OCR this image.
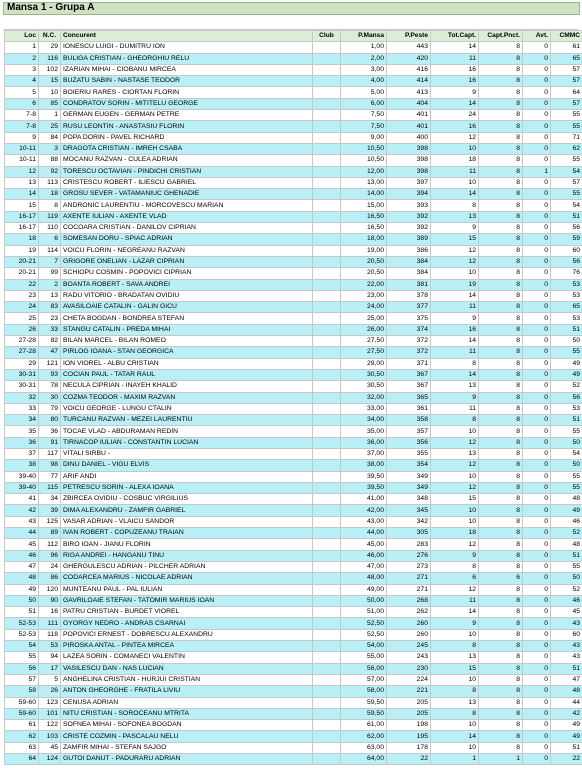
Mansa 1 - Grupa A
Loc	N.C.	Concurent	Club	P.Mansa	P.Peste	Tot.Capt.	Capt.Pnct.	Avt.	CMMC
1	29	IONESCU LUIGI - DUMITRU ION		1,00	443	14	8	0	61
2	116	BULIGA CRISTIAN - GHEORGHIU RELU		2,00	420	11	8	0	65
3	102	IZARIAN MIHAI - CIOBANU MIRCEA		3,00	416	16	8	0	57
4	15	BUZATU SABIN - NASTASE TEODOR		4,00	414	16	8	0	57
5	10	BOIERIU RARES - CIORTAN FLORIN		5,00	413	9	8	0	64
6	85	CONDRATOV SORIN - MITITELU GEORGE		6,00	404	14	8	0	57
7-8	1	GERMAN EUGEN - GERMAN PETRE		7,50	401	24	8	0	55
7-8	25	RUSU LEONTIN - ANASTASIU FLORIN		7,50	401	16	8	0	55
9	84	POPA DORIN - PAVEL RICHARD		9,00	400	12	8	0	71
10-11	3	DRAGOTA CRISTIAN - IMREH CSABA		10,50	398	10	8	0	62
10-11	88	MOCANU RAZVAN - CULEA ADRIAN		10,50	398	18	8	0	55
12	92	TORESCU OCTAVIAN - PINDICHI CRISTIAN		12,00	398	11	8	1	54
13	113	CRISTESCU ROBERT - ILIESCU GABRIEL		13,00	397	10	8	0	57
14	18	GROSU SEVER - VATAMANIUC GHENADIE		14,00	394	14	8	0	55
15	8	ANDRONIC LAURENTIU - MORCOVESCU MARIAN		15,00	393	8	8	0	54
16-17	119	AXENTE IULIAN - AXENTE VLAD		16,50	392	13	8	0	51
16-17	110	COCOARA CRISTIAN - DANILOV CIPRIAN		16,50	392	9	8	0	56
18	6	SOMESAN DORU - SPIAC ADRIAN		18,00	389	15	8	0	59
19	114	VOICU FLORIN - NEGREANU RAZVAN		19,00	386	12	8	0	60
20-21	7	GRIGORE ONELIAN - LAZAR CIPRIAN		20,50	384	12	8	0	56
20-21	99	SCHIOPU COSMIN - POPOVICI CIPRIAN		20,50	384	10	8	0	76
22	2	BOANTA ROBERT - SAVA ANDREI		22,00	381	19	8	0	53
23	13	RADU VITORIO - BRADATAN OVIDIU		23,00	378	14	8	0	53
24	83	AVASILOAIE CATALIN - GALIN GICU		24,00	377	11	8	0	65
25	23	CHETA BOGDAN - BONDREA STEFAN		25,00	375	9	8	0	53
26	33	STANGU CATALIN - PREDA MIHAI		26,00	374	16	8	0	51
27-28	82	BILAN MARCEL - BILAN ROMEO		27,50	372	14	8	0	50
27-28	47	PIRLOG IOANA - STAN GEORGICA		27,50	372	11	8	0	55
29	121	ION VIOREL - ALBU CRISTIAN		29,00	371	8	8	0	49
30-31	93	COCIAN PAUL - TATAR RAUL		30,50	367	14	8	0	49
30-31	78	NECULA CIPRIAN - INAYEH KHALID		30,50	367	13	8	0	52
32	30	COZMA TEODOR - MAXIM RAZVAN		32,00	365	9	8	0	56
33	79	VOICU GEORGE - LUNGU CTALIN		33,00	361	11	8	0	53
34	80	TURCANU RAZVAN - MEZEI LAURENTIU		34,00	358	8	8	0	51
35	36	TOCAE VLAD - ABDURAMAN REDIN		35,00	357	10	8	0	55
36	91	TIRNACOP IULIAN - CONSTANTIN LUCIAN		36,00	356	12	8	0	50
37	117	VITALI SIRBU -		37,00	355	13	8	0	54
38	98	DINU DANIEL - VIGU ELVIS		38,00	354	12	8	0	50
39-40	77	ARIF ANDI		39,50	349	10	8	0	55
39-40	115	PETRESCU SORIN - ALEXA IOANA		39,50	349	12	8	0	55
41	34	ZBIRCEA OVIDIU - COSBUC VIRGILIUS		41,00	348	15	8	0	48
42	39	DIMA ALEXANDRU - ZAMFIR GABRIEL		42,00	345	10	8	0	49
43	125	VASAR ADRIAN - VLAICU SANDOR		43,00	342	10	8	0	46
44	89	IVAN ROBERT - COPUZEANU TRAIAN		44,00	305	18	8	0	52
45	112	BIRO IOAN - JIANU FLORIN		45,00	283	12	8	0	48
46	96	RIGA ANDREI - HANGANU TINU		46,00	276	9	8	0	51
47	24	GHERGULESCU ADRIAN - PILCHER ADRIAN		47,00	273	8	8	0	55
48	86	CODARCEA MARIUS - NICOLAE ADRIAN		48,00	271	6	6	0	50
49	120	MUNTEANU PAUL - PAL IULIAN		49,00	271	12	8	0	52
50	90	GAVRILOAIE STEFAN - TATOMIR MARIUS IOAN		50,00	268	11	8	0	46
51	16	PATRU CRISTIAN - BURDET VIOREL		51,00	262	14	8	0	45
52-53	111	GYORGY NEDRO - ANDRAS CSARNAI		52,50	260	9	8	0	43
52-53	118	POPOVICI ERNEST - DOBRESCU ALEXANDRU		52,50	260	10	8	0	60
54	53	PIROSKA ANTAL - PINTEA MIRCEA		54,00	245	8	8	0	43
55	94	LAZEA SORIN - COMANECI VALENTIN		55,00	243	13	8	0	43
56	17	VASILESCU DAN - NAS LUCIAN		56,00	230	15	8	0	51
57	5	ANGHELINA CRISTIAN - HURJUI CRISTIAN		57,00	224	10	8	0	47
58	26	ANTON GHEORGHE - FRATILA LIVIU		58,00	221	8	8	0	48
59-60	123	CENUSA ADRIAN		59,50	205	13	8	0	44
59-60	101	NITU CRISTIAN - SOROCEANU MTRITA		59,50	205	8	8	0	42
61	122	SOFNEA MIHAI - SOFONEA BOGDAN		61,00	198	10	8	0	49
62	103	CRISTE COZMIN - PASCALAU NELU		62,00	195	14	8	0	49
63	45	ZAMFIR MIHAI - STEFAN SAJGO		63,00	178	10	8	0	51
64	124	GUTOI DANUT - PADURARU ADRIAN		64,00	22	1	1	0	22
